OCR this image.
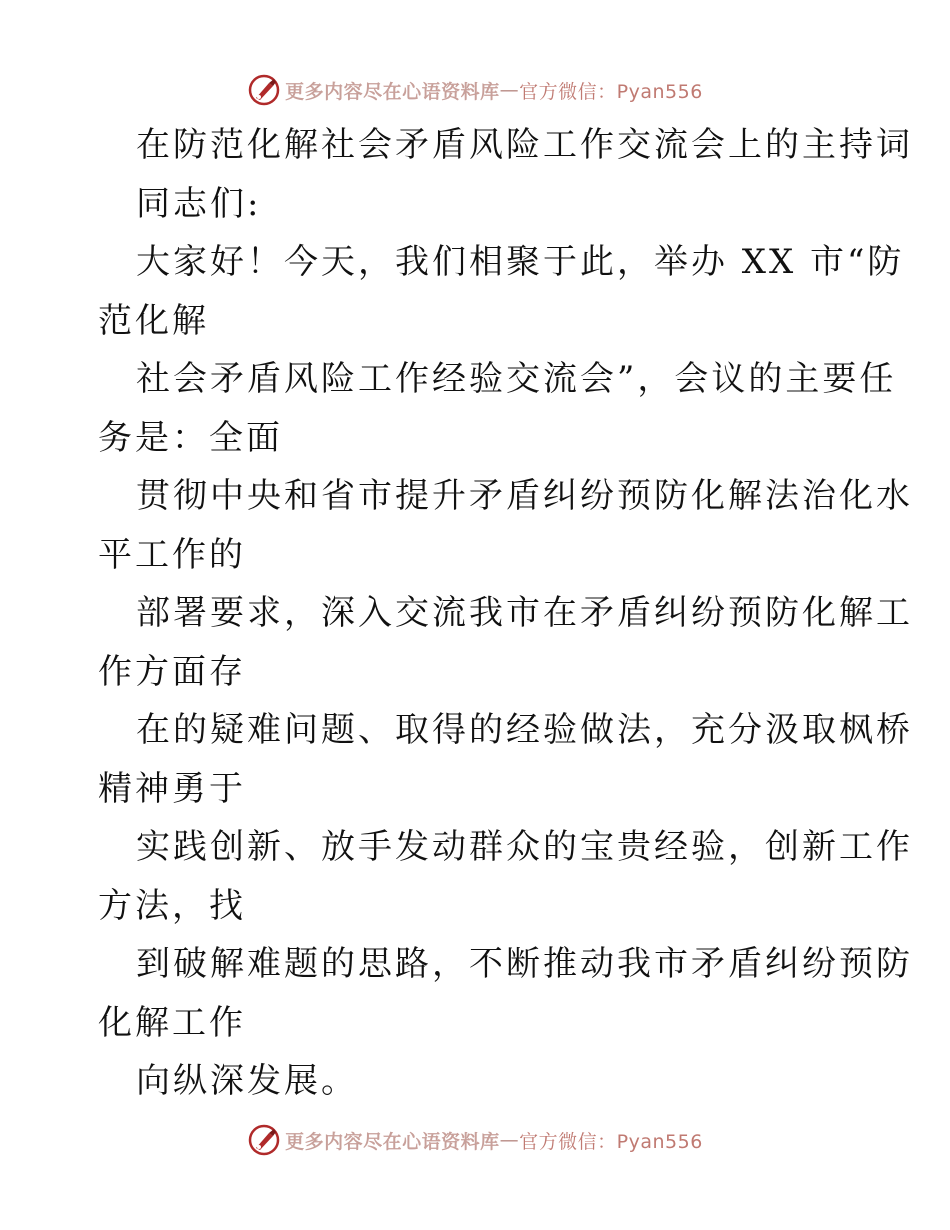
更多内容尽在心语资料库 — 官方微信：Pyan556
在防范化解社会矛盾风险工作交流会上的主持词
同志们:
大家好！今天，我们相聚于此，举办 XX 市“防
范化解
社会矛盾风险工作经验交流会”，会议的主要任
务是：全面
贯彻中央和省市提升矛盾纠纷预防化解法治化水
平工作的
部署要求，深入交流我市在矛盾纠纷预防化解工
作方面存
在的疑难问题、取得的经验做法，充分汲取枫桥
精神勇于
实践创新、放手发动群众的宝贵经验，创新工作
方法，找
到破解难题的思路，不断推动我市矛盾纠纷预防
化解工作
向纵深发展。
更多内容尽在心语资料库 — 官方微信：Pyan556
